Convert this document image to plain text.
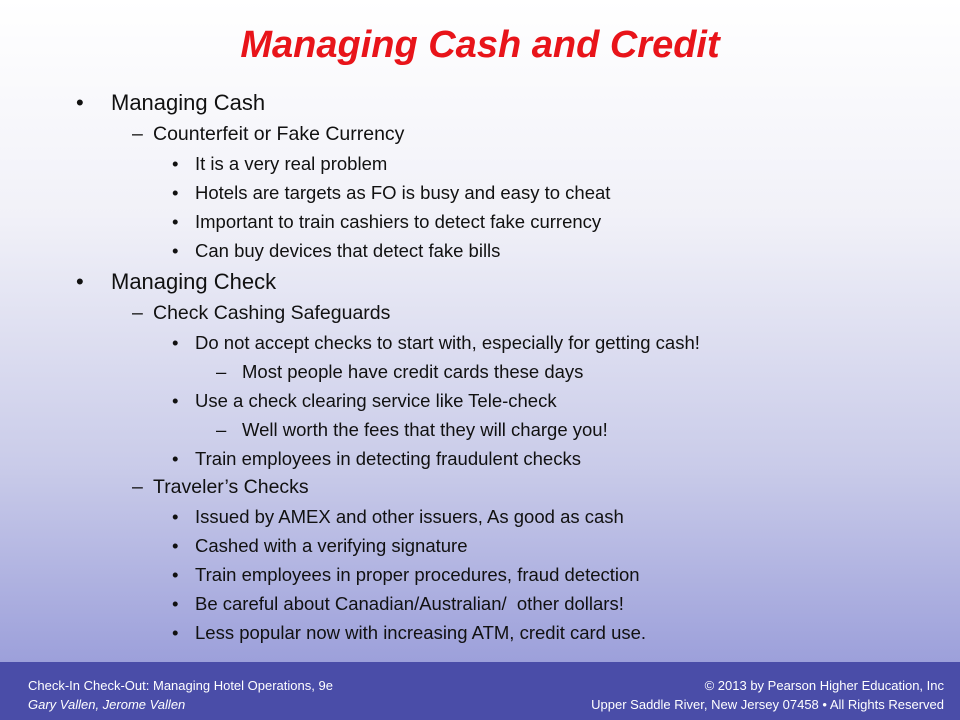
Managing Cash and Credit
• Managing Cash
– Counterfeit or Fake Currency
• It is a very real problem
• Hotels are targets as FO is busy and easy to cheat
• Important to train cashiers to detect fake currency
• Can buy devices that detect fake bills
• Managing Check
– Check Cashing Safeguards
• Do not accept checks to start with, especially for getting cash!
– Most people have credit cards these days
• Use a check clearing service like Tele-check
– Well worth the fees that they will charge you!
• Train employees in detecting fraudulent checks
– Traveler’s Checks
• Issued by AMEX and other issuers, As good as cash
• Cashed with a verifying signature
• Train employees in proper procedures, fraud detection
• Be careful about Canadian/Australian/  other dollars!
• Less popular now with increasing ATM, credit card use.
Check-In Check-Out: Managing Hotel Operations, 9e
Gary Vallen, Jerome Vallen
© 2013 by Pearson Higher Education, Inc
Upper Saddle River, New Jersey 07458 • All Rights Reserved
